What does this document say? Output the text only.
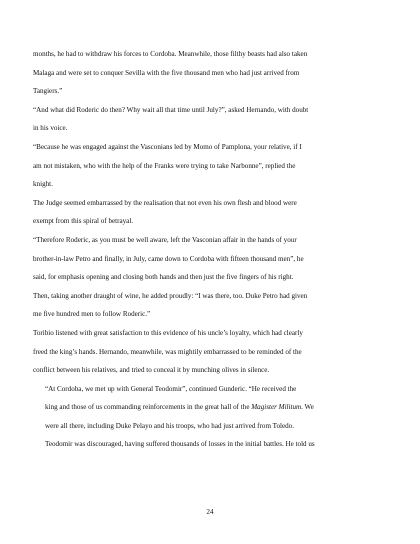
months, he had to withdraw his forces to Cordoba. Meanwhile, those filthy beasts had also taken
Malaga and were set to conquer Sevilla with the five thousand men who had just arrived from
Tangiers.”
“And what did Roderic do then? Why wait all that time until July?”, asked Hernando, with doubt
in his voice.
“Because he was engaged against the Vasconians led by Momo of Pamplona, your relative, if I
am not mistaken, who with the help of the Franks were trying to take Narbonne”, replied the
knight.
The Judge seemed embarrassed by the realisation that not even his own flesh and blood were
exempt from this spiral of betrayal.
“Therefore Roderic, as you must be well aware, left the Vasconian affair in the hands of your
brother-in-law Petro and finally, in July, came down to Cordoba with fifteen thousand men”, he
said, for emphasis opening and closing both hands and then just the five fingers of his right.
Then, taking another draught of wine, he added proudly: “I was there, too. Duke Petro had given
me five hundred men to follow Roderic.”
Toribio listened with great satisfaction to this evidence of his uncle’s loyalty, which had clearly
freed the king’s hands. Hernando, meanwhile, was mightily embarrassed to be reminded of the
conflict between his relatives, and tried to conceal it by munching olives in silence.
“At Cordoba, we met up with General Teodomir”, continued Gunderic. “He received the
king and those of us commanding reinforcements in the great hall of the Magister Militum. We
were all there, including Duke Pelayo and his troops, who had just arrived from Toledo.
Teodomir was discouraged, having suffered thousands of losses in the initial battles. He told us
24
